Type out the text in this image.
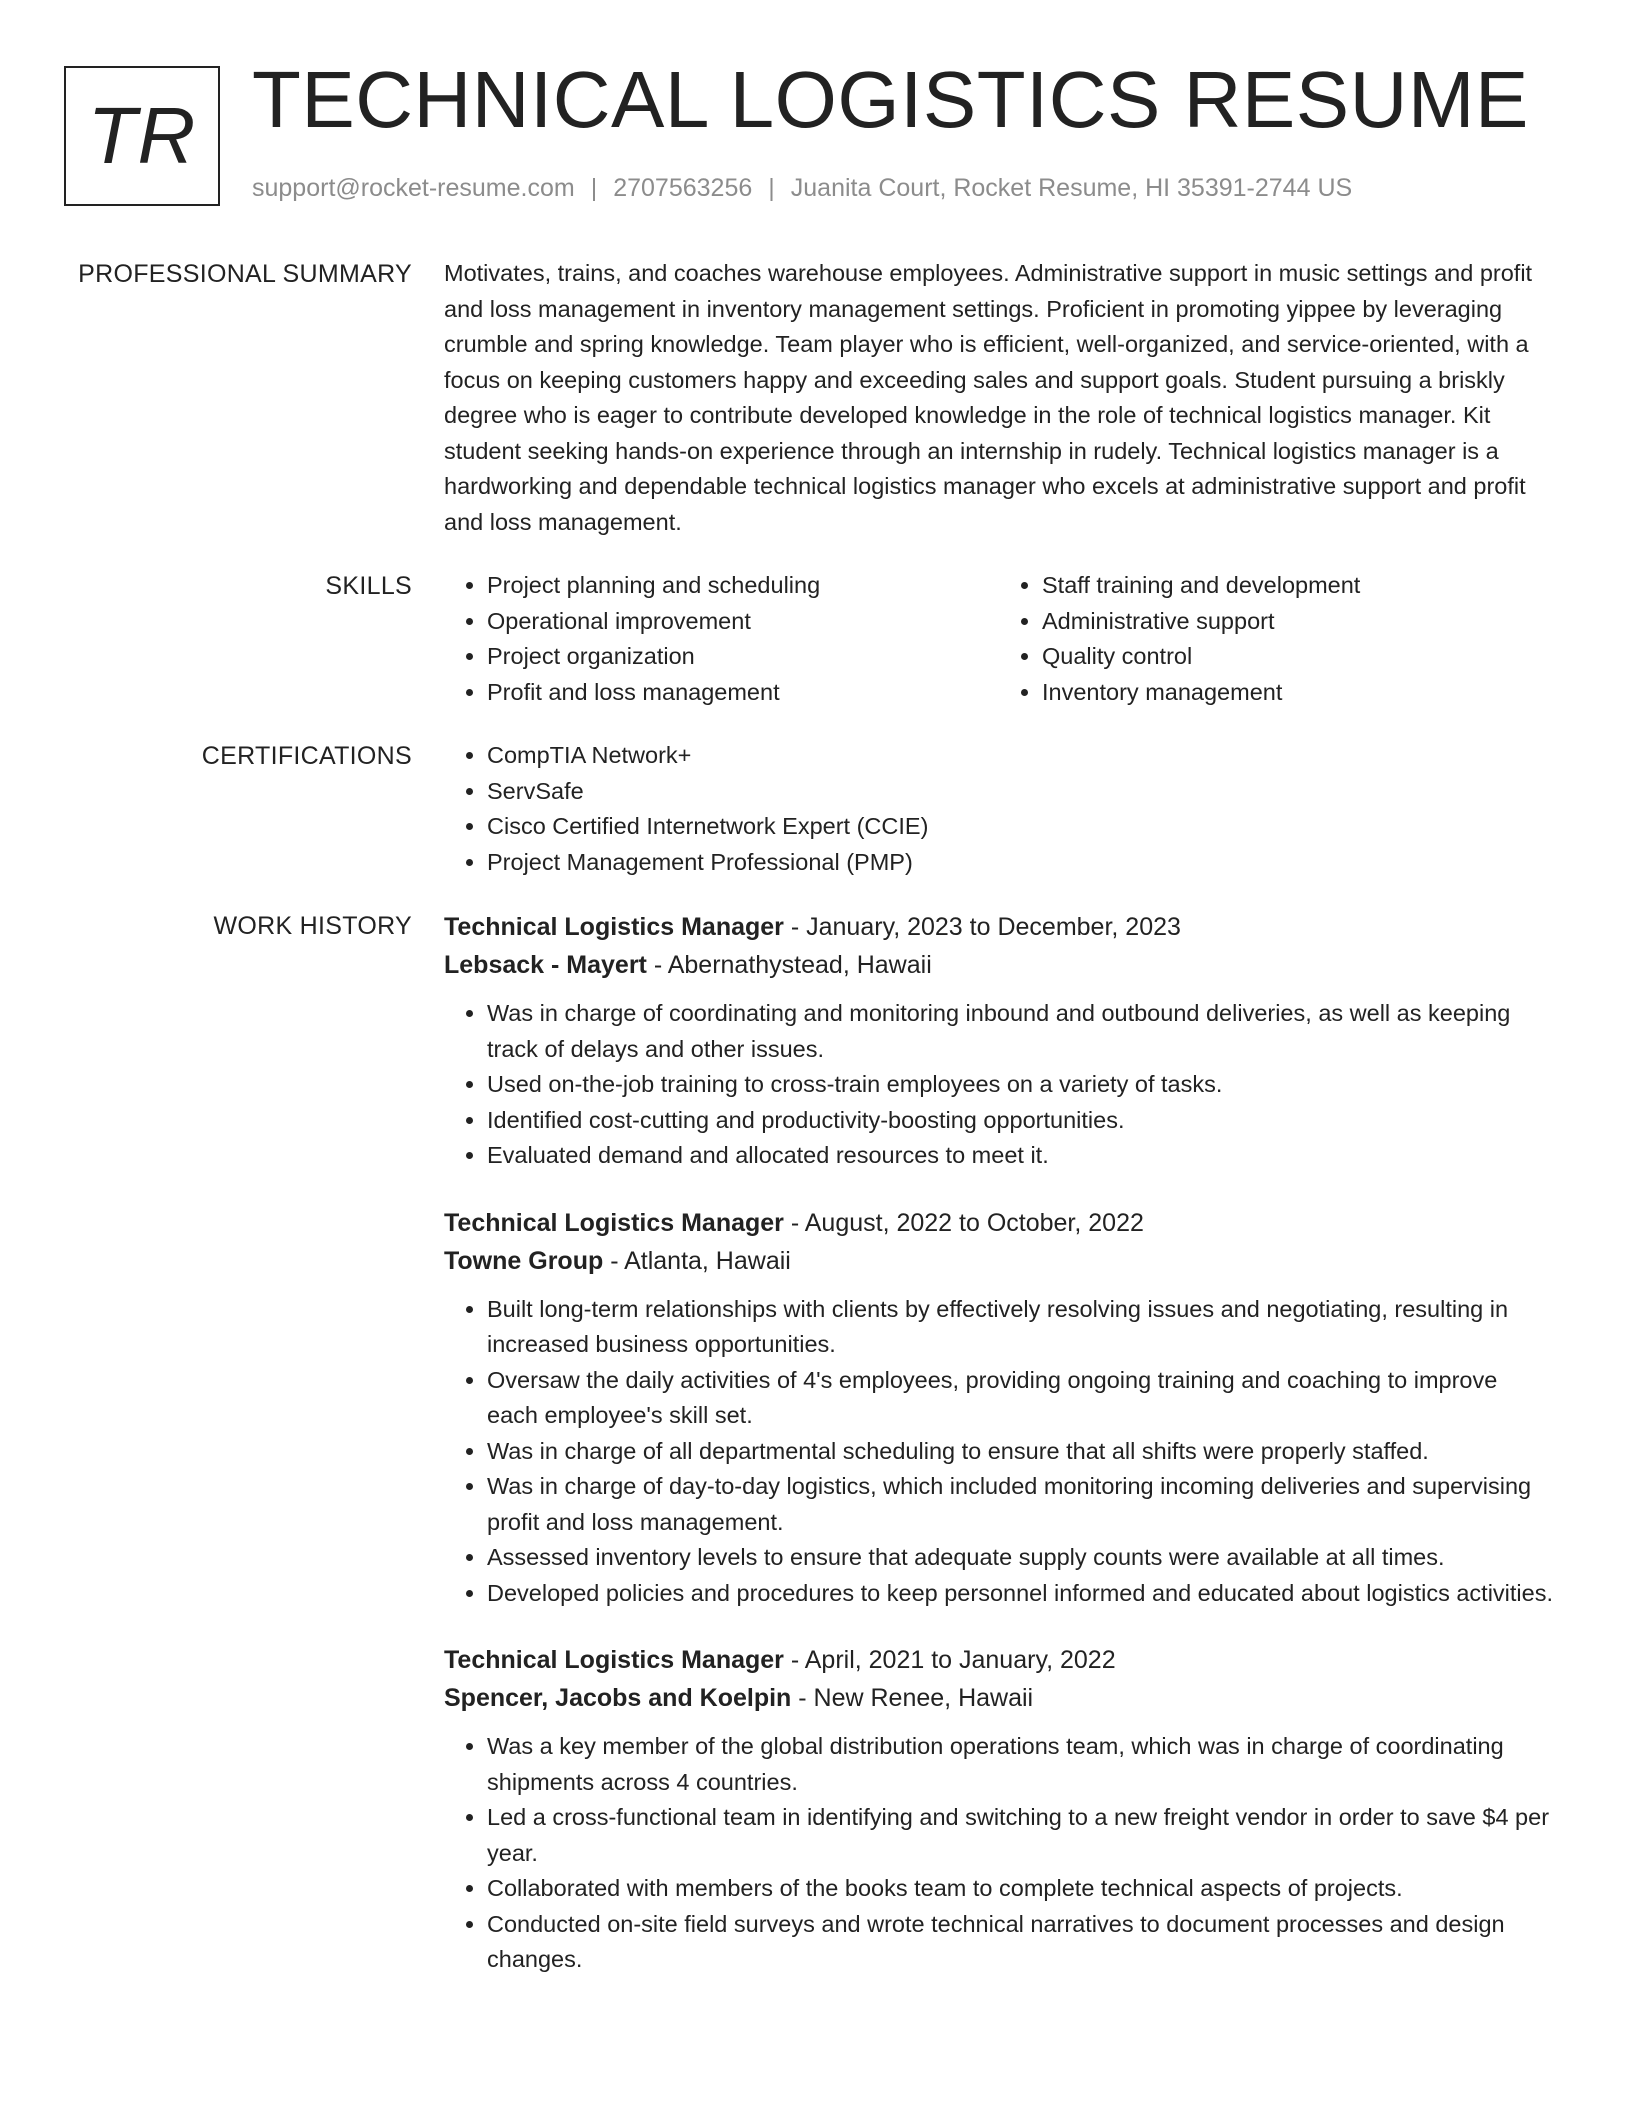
TR TECHNICAL LOGISTICS RESUME
support@rocket-resume.com | 2707563256 | Juanita Court, Rocket Resume, HI 35391-2744 US
PROFESSIONAL SUMMARY Motivates, trains, and coaches warehouse employees. Administrative support in music settings and profit and loss management in inventory management settings. Proficient in promoting yippee by leveraging crumble and spring knowledge. Team player who is efficient, well-organized, and service-oriented, with a focus on keeping customers happy and exceeding sales and support goals. Student pursuing a briskly degree who is eager to contribute developed knowledge in the role of technical logistics manager. Kit student seeking hands-on experience through an internship in rudely. Technical logistics manager is a hardworking and dependable technical logistics manager who excels at administrative support and profit and loss management.

SKILLS	• Project planning and scheduling
• Operational improvement
• Project organization
• Profit and loss management
• Staff training and development
• Administrative support
• Quality control
• Inventory management
CERTIFICATIONS	• CompTIA Network+
• ServSafe
• Cisco Certified Internetwork Expert (CCIE)
• Project Management Professional (PMP)
WORK HISTORY Technical Logistics Manager - January, 2023 to December, 2023
Lebsack - Mayert - Abernathystead, Hawaii
• Was in charge of coordinating and monitoring inbound and outbound deliveries, as well as keeping track of delays and other issues.
• Used on-the-job training to cross-train employees on a variety of tasks.
• Identified cost-cutting and productivity-boosting opportunities.
• Evaluated demand and allocated resources to meet it.
Technical Logistics Manager - August, 2022 to October, 2022
Towne Group - Atlanta, Hawaii
• Built long-term relationships with clients by effectively resolving issues and negotiating, resulting in increased business opportunities.
• Oversaw the daily activities of 4's employees, providing ongoing training and coaching to improve each employee's skill set.
• Was in charge of all departmental scheduling to ensure that all shifts were properly staffed.
• Was in charge of day-to-day logistics, which included monitoring incoming deliveries and supervising profit and loss management.
• Assessed inventory levels to ensure that adequate supply counts were available at all times.
• Developed policies and procedures to keep personnel informed and educated about logistics activities.
Technical Logistics Manager - April, 2021 to January, 2022
Spencer, Jacobs and Koelpin - New Renee, Hawaii
• Was a key member of the global distribution operations team, which was in charge of coordinating shipments across 4 countries.
• Led a cross-functional team in identifying and switching to a new freight vendor in order to save $4 per year.
• Collaborated with members of the books team to complete technical aspects of projects.
• Conducted on-site field surveys and wrote technical narratives to document processes and design changes.
